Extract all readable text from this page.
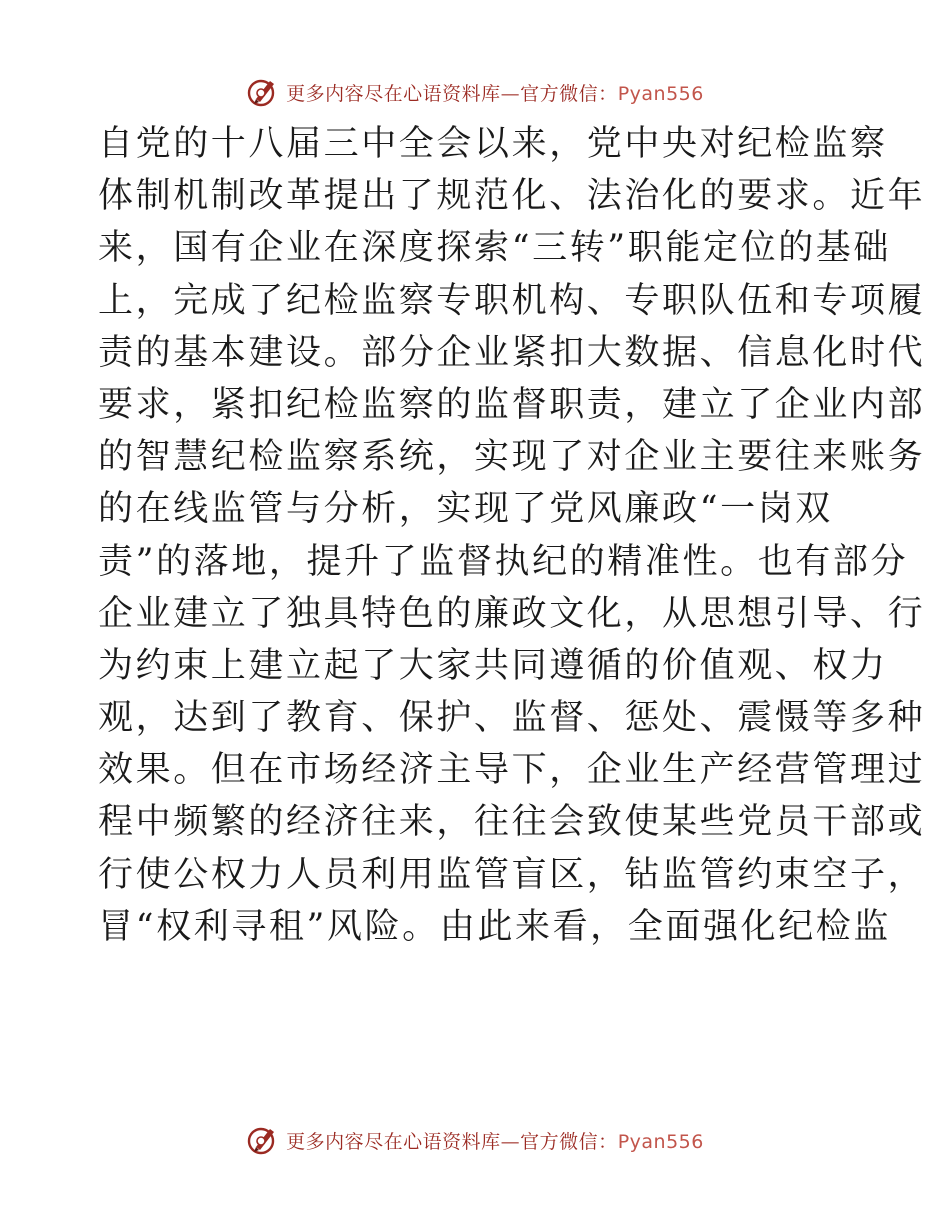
更多内容尽在心语资料库—官方微信：Pyan556
自党的十八届三中全会以来，党中央对纪检监察
体制机制改革提出了规范化、法治化的要求。近年
来，国有企业在深度探索“三转”职能定位的基础
上，完成了纪检监察专职机构、专职队伍和专项履
责的基本建设。部分企业紧扣大数据、信息化时代
要求，紧扣纪检监察的监督职责，建立了企业内部
的智慧纪检监察系统，实现了对企业主要往来账务
的在线监管与分析，实现了党风廉政“一岗双
责”的落地，提升了监督执纪的精准性。也有部分
企业建立了独具特色的廉政文化，从思想引导、行
为约束上建立起了大家共同遵循的价值观、权力
观，达到了教育、保护、监督、惩处、震慑等多种
效果。但在市场经济主导下，企业生产经营管理过
程中频繁的经济往来，往往会致使某些党员干部或
行使公权力人员利用监管盲区，钻监管约束空子，
冒“权利寻租”风险。由此来看，全面强化纪检监
更多内容尽在心语资料库—官方微信：Pyan556
